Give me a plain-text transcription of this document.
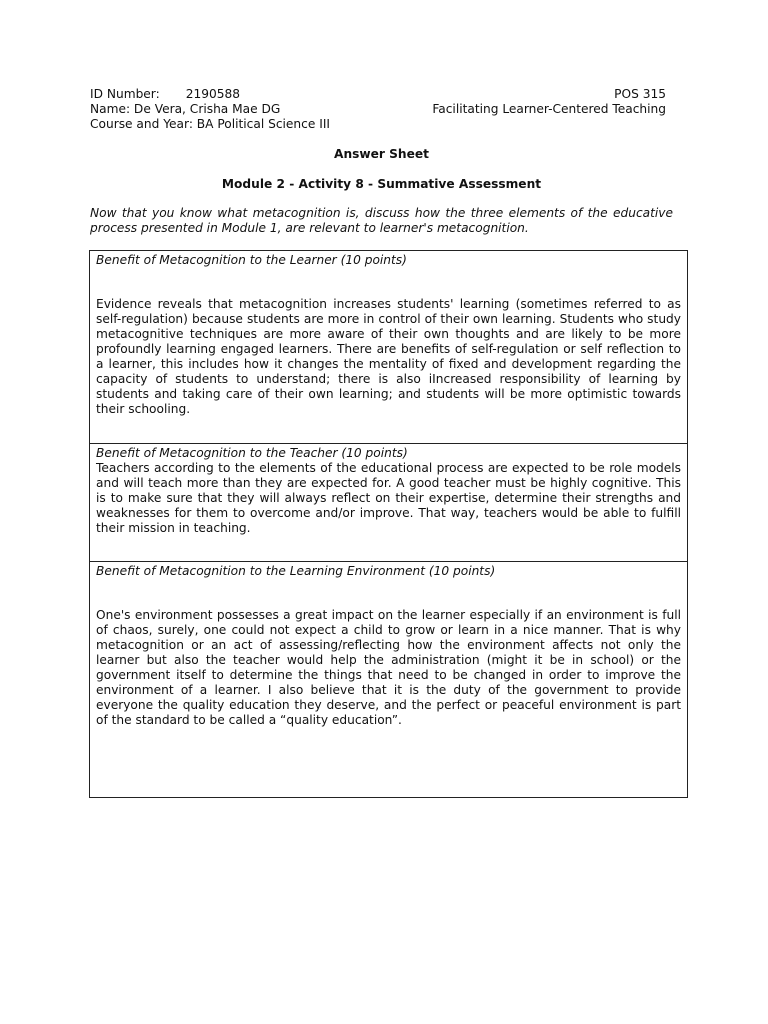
ID Number: 2190588	POS 315
Name: De Vera, Crisha Mae DG	Facilitating Learner-Centered Teaching
Course and Year: BA Political Science III
Answer Sheet
Module 2 - Activity 8 - Summative Assessment
Now that you know what metacognition is, discuss how the three elements of the educative process presented in Module 1, are relevant to learner's metacognition.
Benefit of Metacognition to the Learner (10 points)
Evidence reveals that metacognition increases students' learning (sometimes referred to as self-regulation) because students are more in control of their own learning. Students who study metacognitive techniques are more aware of their own thoughts and are likely to be more profoundly learning engaged learners. There are benefits of self-regulation or self reflection to a learner, this includes how it changes the mentality of fixed and development regarding the capacity of students to understand; there is also iIncreased responsibility of learning by students and taking care of their own learning; and students will be more optimistic towards their schooling.
Benefit of Metacognition to the Teacher (10 points)
Teachers according to the elements of the educational process are expected to be role models and will teach more than they are expected for. A good teacher must be highly cognitive. This is to make sure that they will always reflect on their expertise, determine their strengths and weaknesses for them to overcome and/or improve. That way, teachers would be able to fulfill their mission in teaching.
Benefit of Metacognition to the Learning Environment (10 points)
One's environment possesses a great impact on the learner especially if an environment is full of chaos, surely, one could not expect a child to grow or learn in a nice manner. That is why metacognition or an act of assessing/reflecting how the environment affects not only the learner but also the teacher would help the administration (might it be in school) or the government itself to determine the things that need to be changed in order to improve the environment of a learner. I also believe that it is the duty of the government to provide everyone the quality education they deserve, and the perfect or peaceful environment is part of the standard to be called a “quality education”.
